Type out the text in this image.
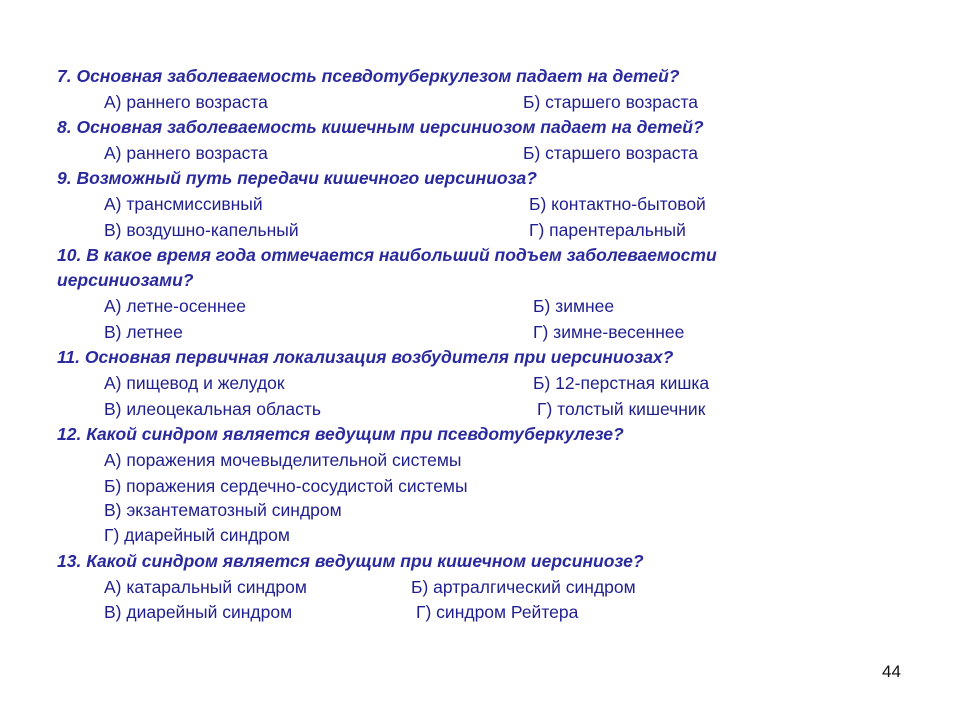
7. Основная заболеваемость псевдотуберкулезом падает на детей?
А) раннего возраста	Б) старшего возраста
8. Основная заболеваемость кишечным иерсиниозом падает на детей?
А) раннего возраста	Б) старшего возраста
9. Возможный путь передачи кишечного иерсиниоза?
А) трансмиссивный	Б) контактно-бытовой
В) воздушно-капельный	Г) парентеральный
10. В какое время года отмечается наибольший подъем заболеваемости
иерсиниозами?
А) летне-осеннее	Б) зимнее
В) летнее	Г) зимне-весеннее
11. Основная первичная локализация возбудителя при иерсиниозах?
А) пищевод и желудок	Б) 12-перстная кишка
В) илеоцекальная область	Г) толстый кишечник
12. Какой синдром является ведущим при псевдотуберкулезе?
А) поражения мочевыделительной системы
Б) поражения сердечно-сосудистой системы
В) экзантематозный синдром
Г) диарейный синдром
13. Какой синдром является ведущим при кишечном иерсиниозе?
А) катаральный синдром	Б) артралгический синдром
В) диарейный синдром	Г) синдром Рейтера
44
